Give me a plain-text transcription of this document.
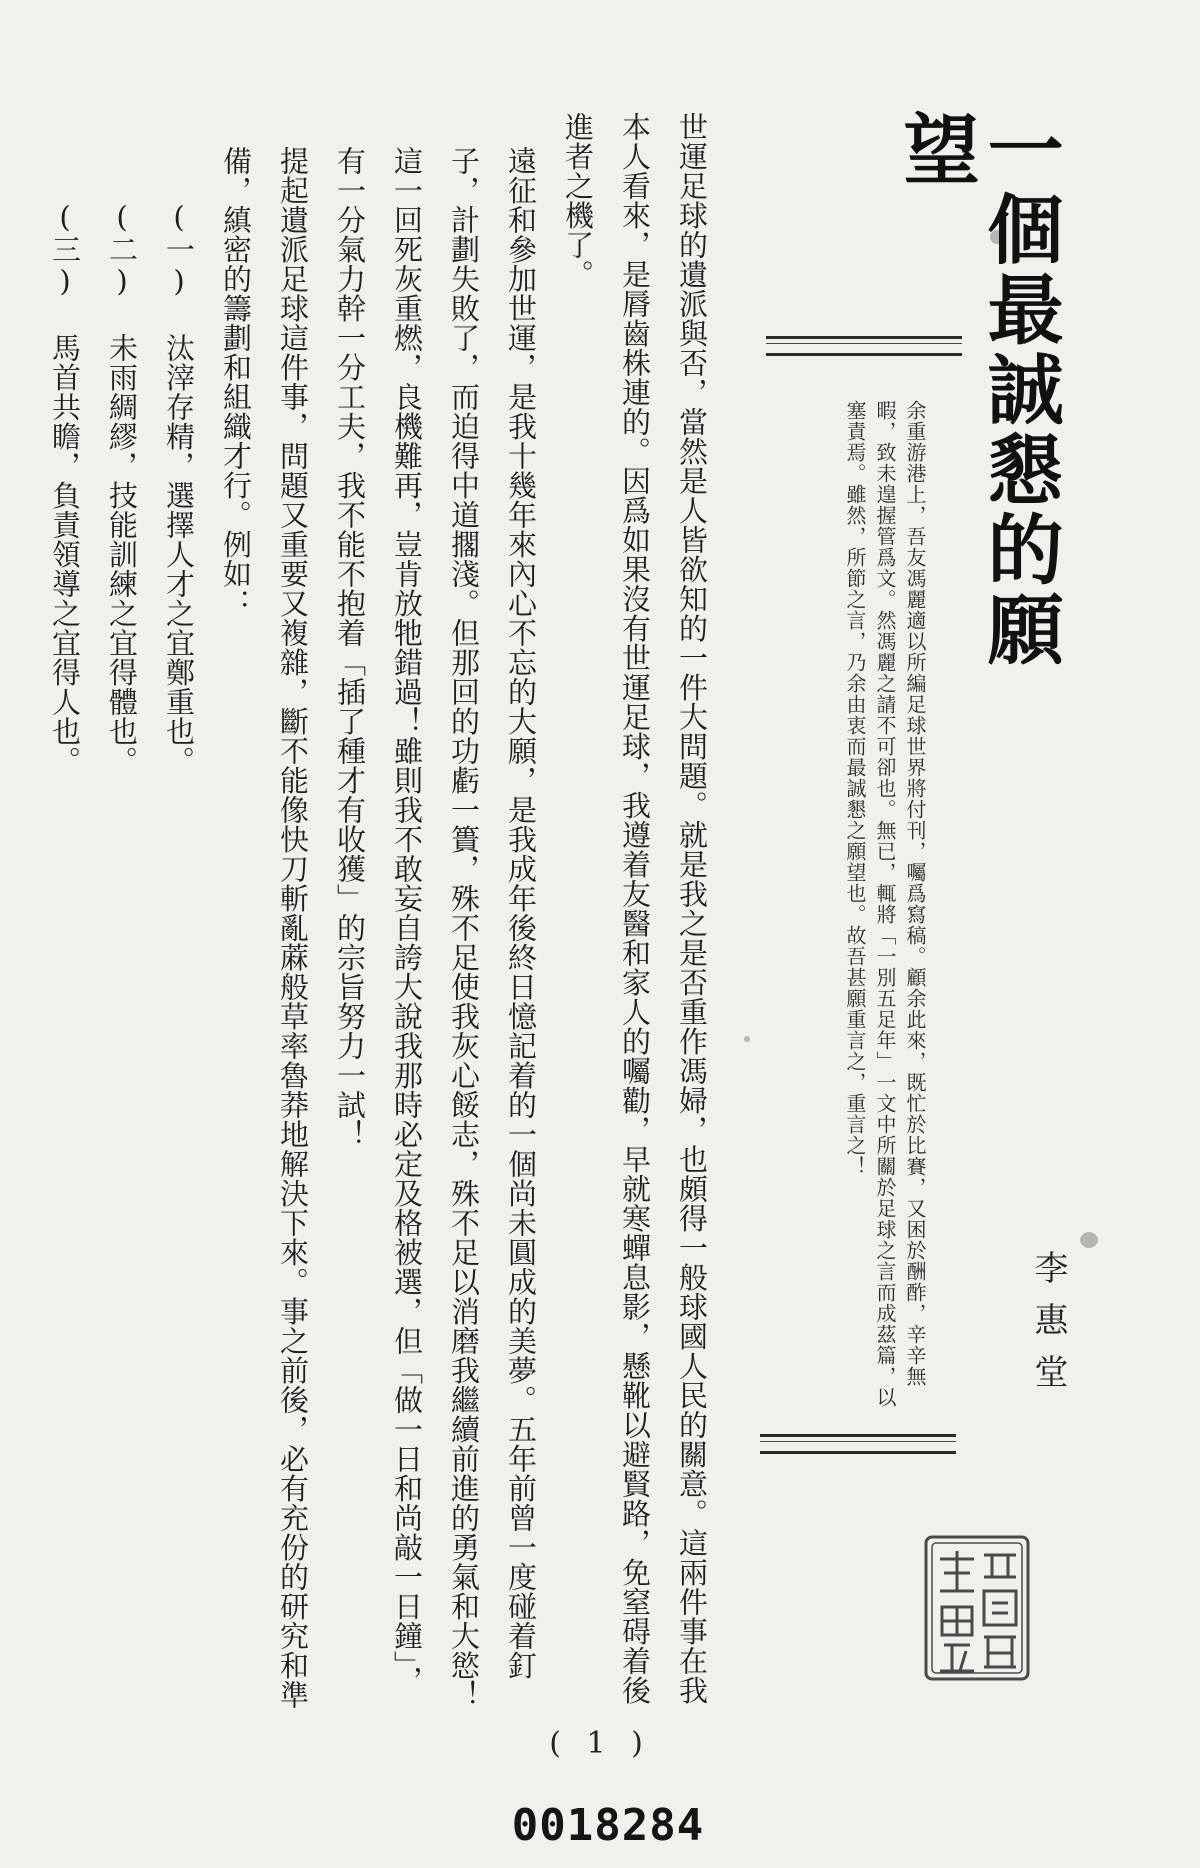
一個最誠懇的願望

余重游港上，吾友馮麗適以所編足球世界將付刊，囑爲寫稿。顧余此來，既忙於比賽，又困於酬酢，辛辛無暇，致未遑握管爲文。然馮麗之請不可卻也。無已，輒將「一別五足年」一文中所關於足球之言而成茲篇，以塞責焉。雖然，所節之言，乃余由衷而最誠懇之願望也。故吾甚願重言之，重言之！

李惠堂

世運足球的遺派與否，當然是人皆欲知的一件大問題。就是我之是否重作馮婦，也頗得一般球國人民的關意。這兩件事在我本人看來，是脣齒株連的。因爲如果沒有世運足球，我遵着友醫和家人的囑勸，早就寒蟬息影，懸靴以避賢路，免窒碍着後進者之機了。

遠征和參加世運，是我十幾年來內心不忘的大願，是我成年後終日憶記着的一個尚未圓成的美夢。五年前曾一度碰着釘子，計劃失敗了，而迫得中道擱淺。但那回的功虧一簣，殊不足使我灰心餒志，殊不足以消磨我繼續前進的勇氣和大慾！這一回死灰重燃，良機難再，豈肯放牠錯過！雖則我不敢妄自誇大說我那時必定及格被選，但「做一日和尚敲一日鐘」，有一分氣力幹一分工夫，我不能不抱着「插了種才有收獲」的宗旨努力一試！

提起遺派足球這件事，問題又重要又複雜，斷不能像快刀斬亂蔴般草率魯莽地解決下來。事之前後，必有充份的研究和準備，縝密的籌劃和組織才行。例如：

(一) 汰滓存精，選擇人才之宜鄭重也。

(二) 未雨綢繆，技能訓練之宜得體也。

(三) 馬首共瞻，負責領導之宜得人也。

( 1 )
0018284
